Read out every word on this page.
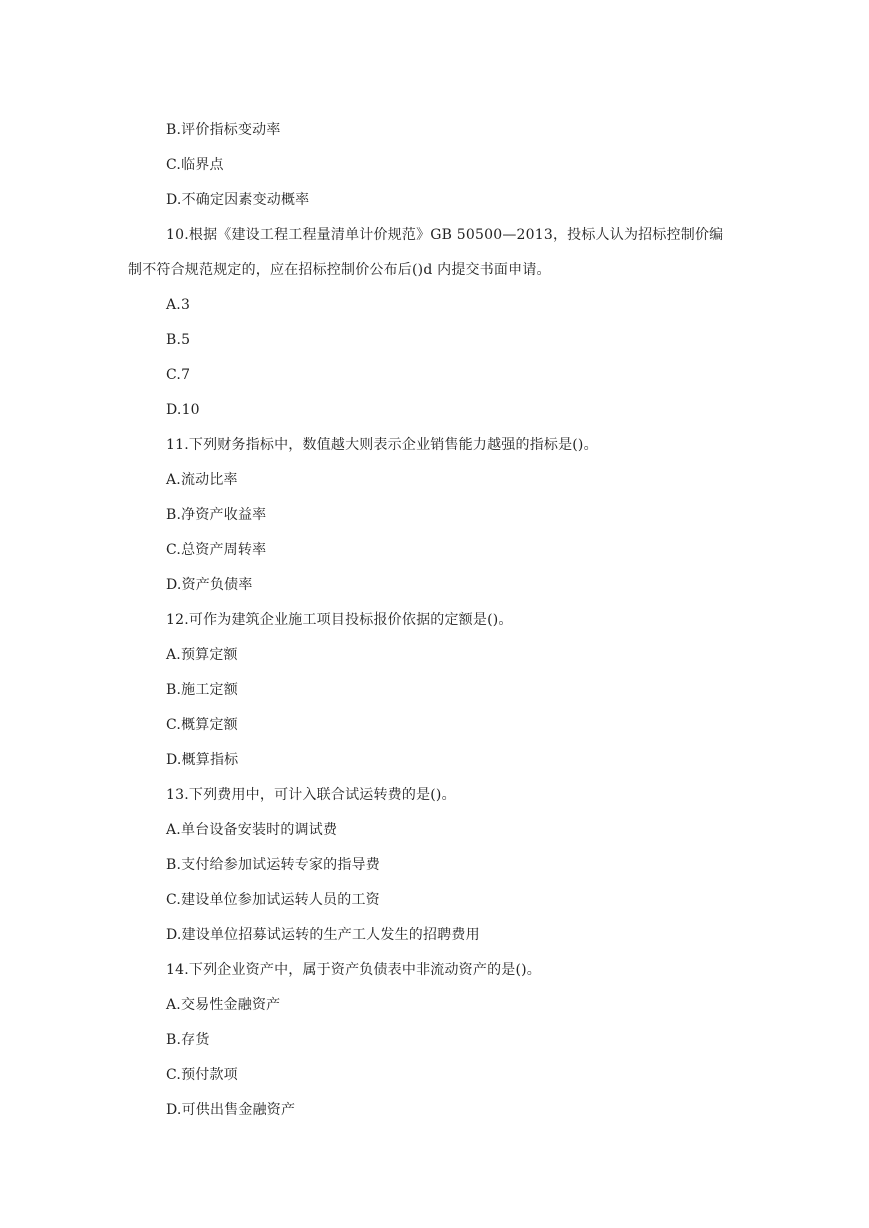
B.评价指标变动率
C.临界点
D.不确定因素变动概率
10.根据《建设工程工程量清单计价规范》GB 50500—2013，投标人认为招标控制价编
制不符合规范规定的，应在招标控制价公布后()d 内提交书面申请。
A.3
B.5
C.7
D.10
11.下列财务指标中，数值越大则表示企业销售能力越强的指标是()。
A.流动比率
B.净资产收益率
C.总资产周转率
D.资产负债率
12.可作为建筑企业施工项目投标报价依据的定额是()。
A.预算定额
B.施工定额
C.概算定额
D.概算指标
13.下列费用中，可计入联合试运转费的是()。
A.单台设备安装时的调试费
B.支付给参加试运转专家的指导费
C.建设单位参加试运转人员的工资
D.建设单位招募试运转的生产工人发生的招聘费用
14.下列企业资产中，属于资产负债表中非流动资产的是()。
A.交易性金融资产
B.存货
C.预付款项
D.可供出售金融资产
